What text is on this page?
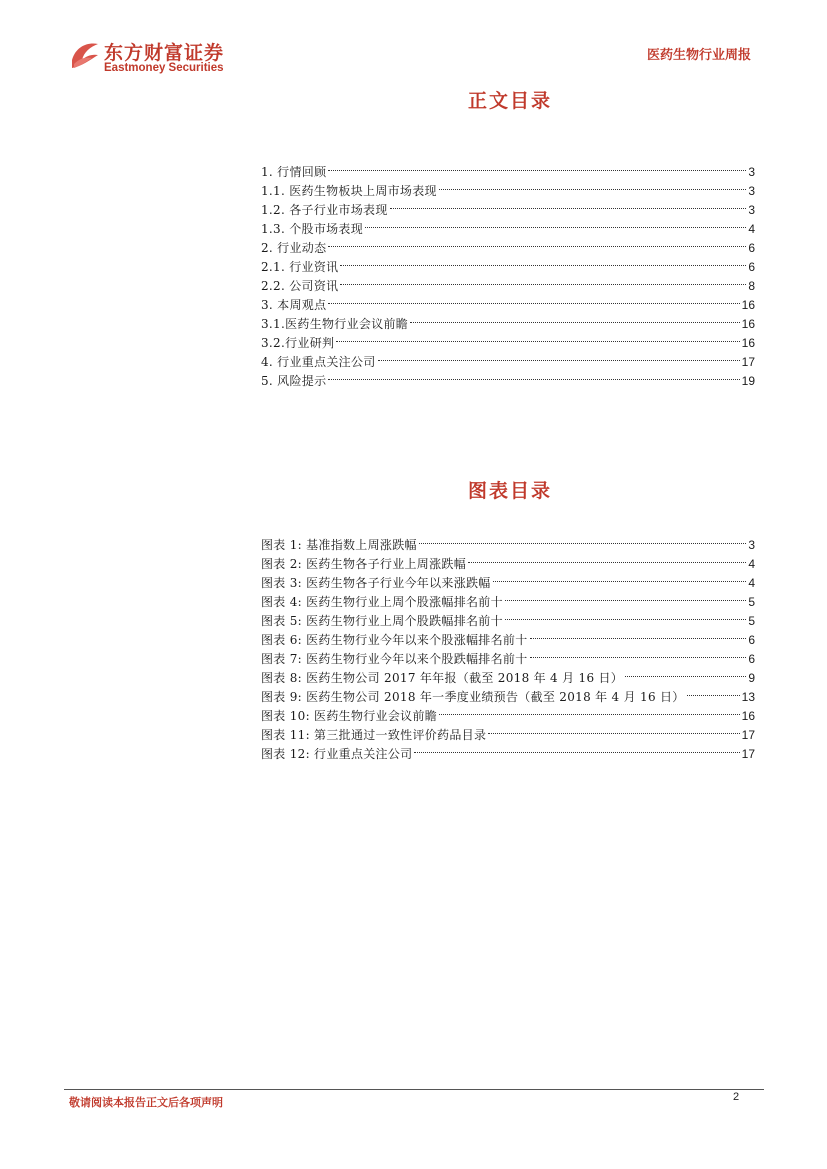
东方财富证券
Eastmoney Securities
医药生物行业周报
正文目录
1. 行情回顾	3
1.1. 医药生物板块上周市场表现	3
1.2. 各子行业市场表现	3
1.3. 个股市场表现	4
2. 行业动态	6
2.1. 行业资讯	6
2.2. 公司资讯	8
3. 本周观点	16
3.1.医药生物行业会议前瞻	16
3.2.行业研判	16
4. 行业重点关注公司	17
5. 风险提示	19
图表目录
图表 1: 基准指数上周涨跌幅	3
图表 2: 医药生物各子行业上周涨跌幅	4
图表 3: 医药生物各子行业今年以来涨跌幅	4
图表 4: 医药生物行业上周个股涨幅排名前十	5
图表 5: 医药生物行业上周个股跌幅排名前十	5
图表 6: 医药生物行业今年以来个股涨幅排名前十	6
图表 7: 医药生物行业今年以来个股跌幅排名前十	6
图表 8: 医药生物公司 2017 年年报（截至 2018 年 4 月 16 日）	9
图表 9: 医药生物公司 2018 年一季度业绩预告（截至 2018 年 4 月 16 日）	13
图表 10: 医药生物行业会议前瞻	16
图表 11: 第三批通过一致性评价药品目录	17
图表 12: 行业重点关注公司	17
敬请阅读本报告正文后各项声明	2
